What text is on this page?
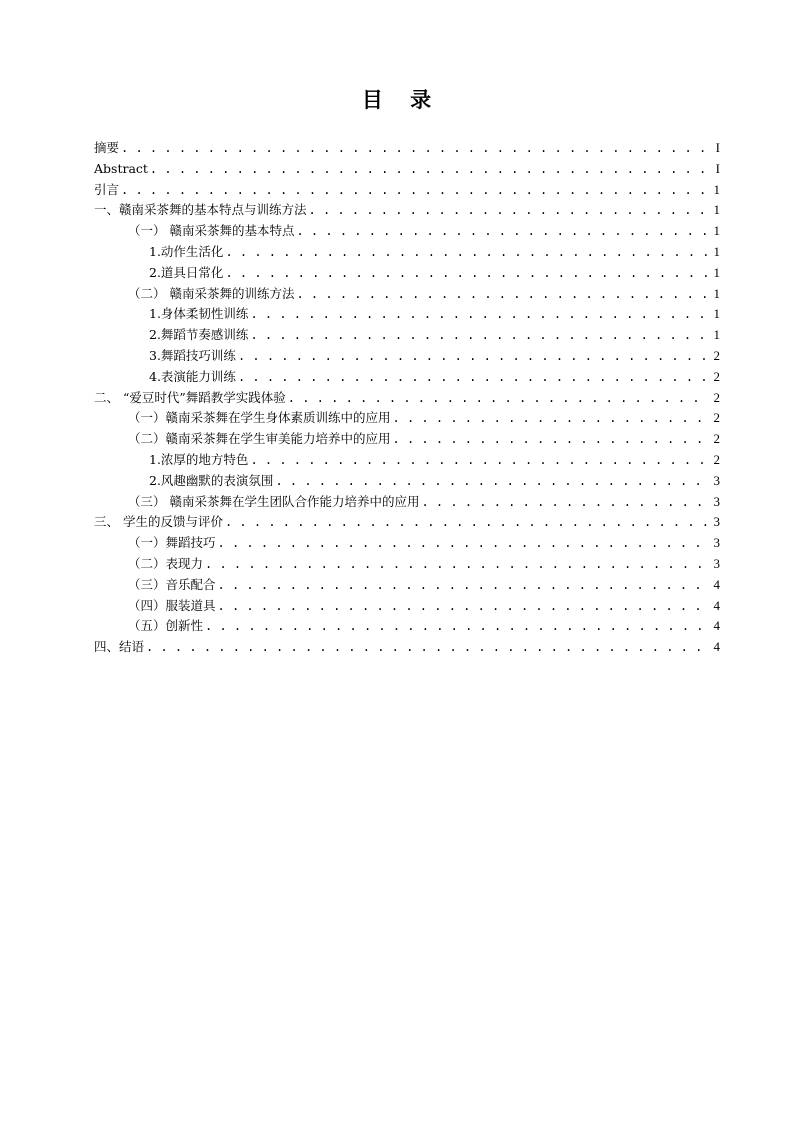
目 录
摘要 . . .	I
Abstract . . .	I
引言 . . .	1
一、赣南采茶舞的基本特点与训练方法 . . .	1
（一） 赣南采茶舞的基本特点 . . .	1
1.动作生活化 . . .	1
2.道具日常化 . . .	1
（二） 赣南采茶舞的训练方法 . . .	1
1.身体柔韧性训练 . . .	1
2.舞蹈节奏感训练 . . .	1
3.舞蹈技巧训练 . . .	2
4.表演能力训练 . . .	2
二、 “爱豆时代”舞蹈教学实践体验 . . .	2
（一）赣南采茶舞在学生身体素质训练中的应用 . . .	2
（二）赣南采茶舞在学生审美能力培养中的应用 . . .	2
1.浓厚的地方特色 . . .	2
2.风趣幽默的表演氛围 . . .	3
（三） 赣南采茶舞在学生团队合作能力培养中的应用 . . .	3
三、 学生的反馈与评价 . . .	3
（一）舞蹈技巧 . . .	3
（二）表现力 . . .	3
（三）音乐配合 . . .	4
（四）服装道具 . . .	4
（五）创新性 . . .	4
四、结语 . . .	4
